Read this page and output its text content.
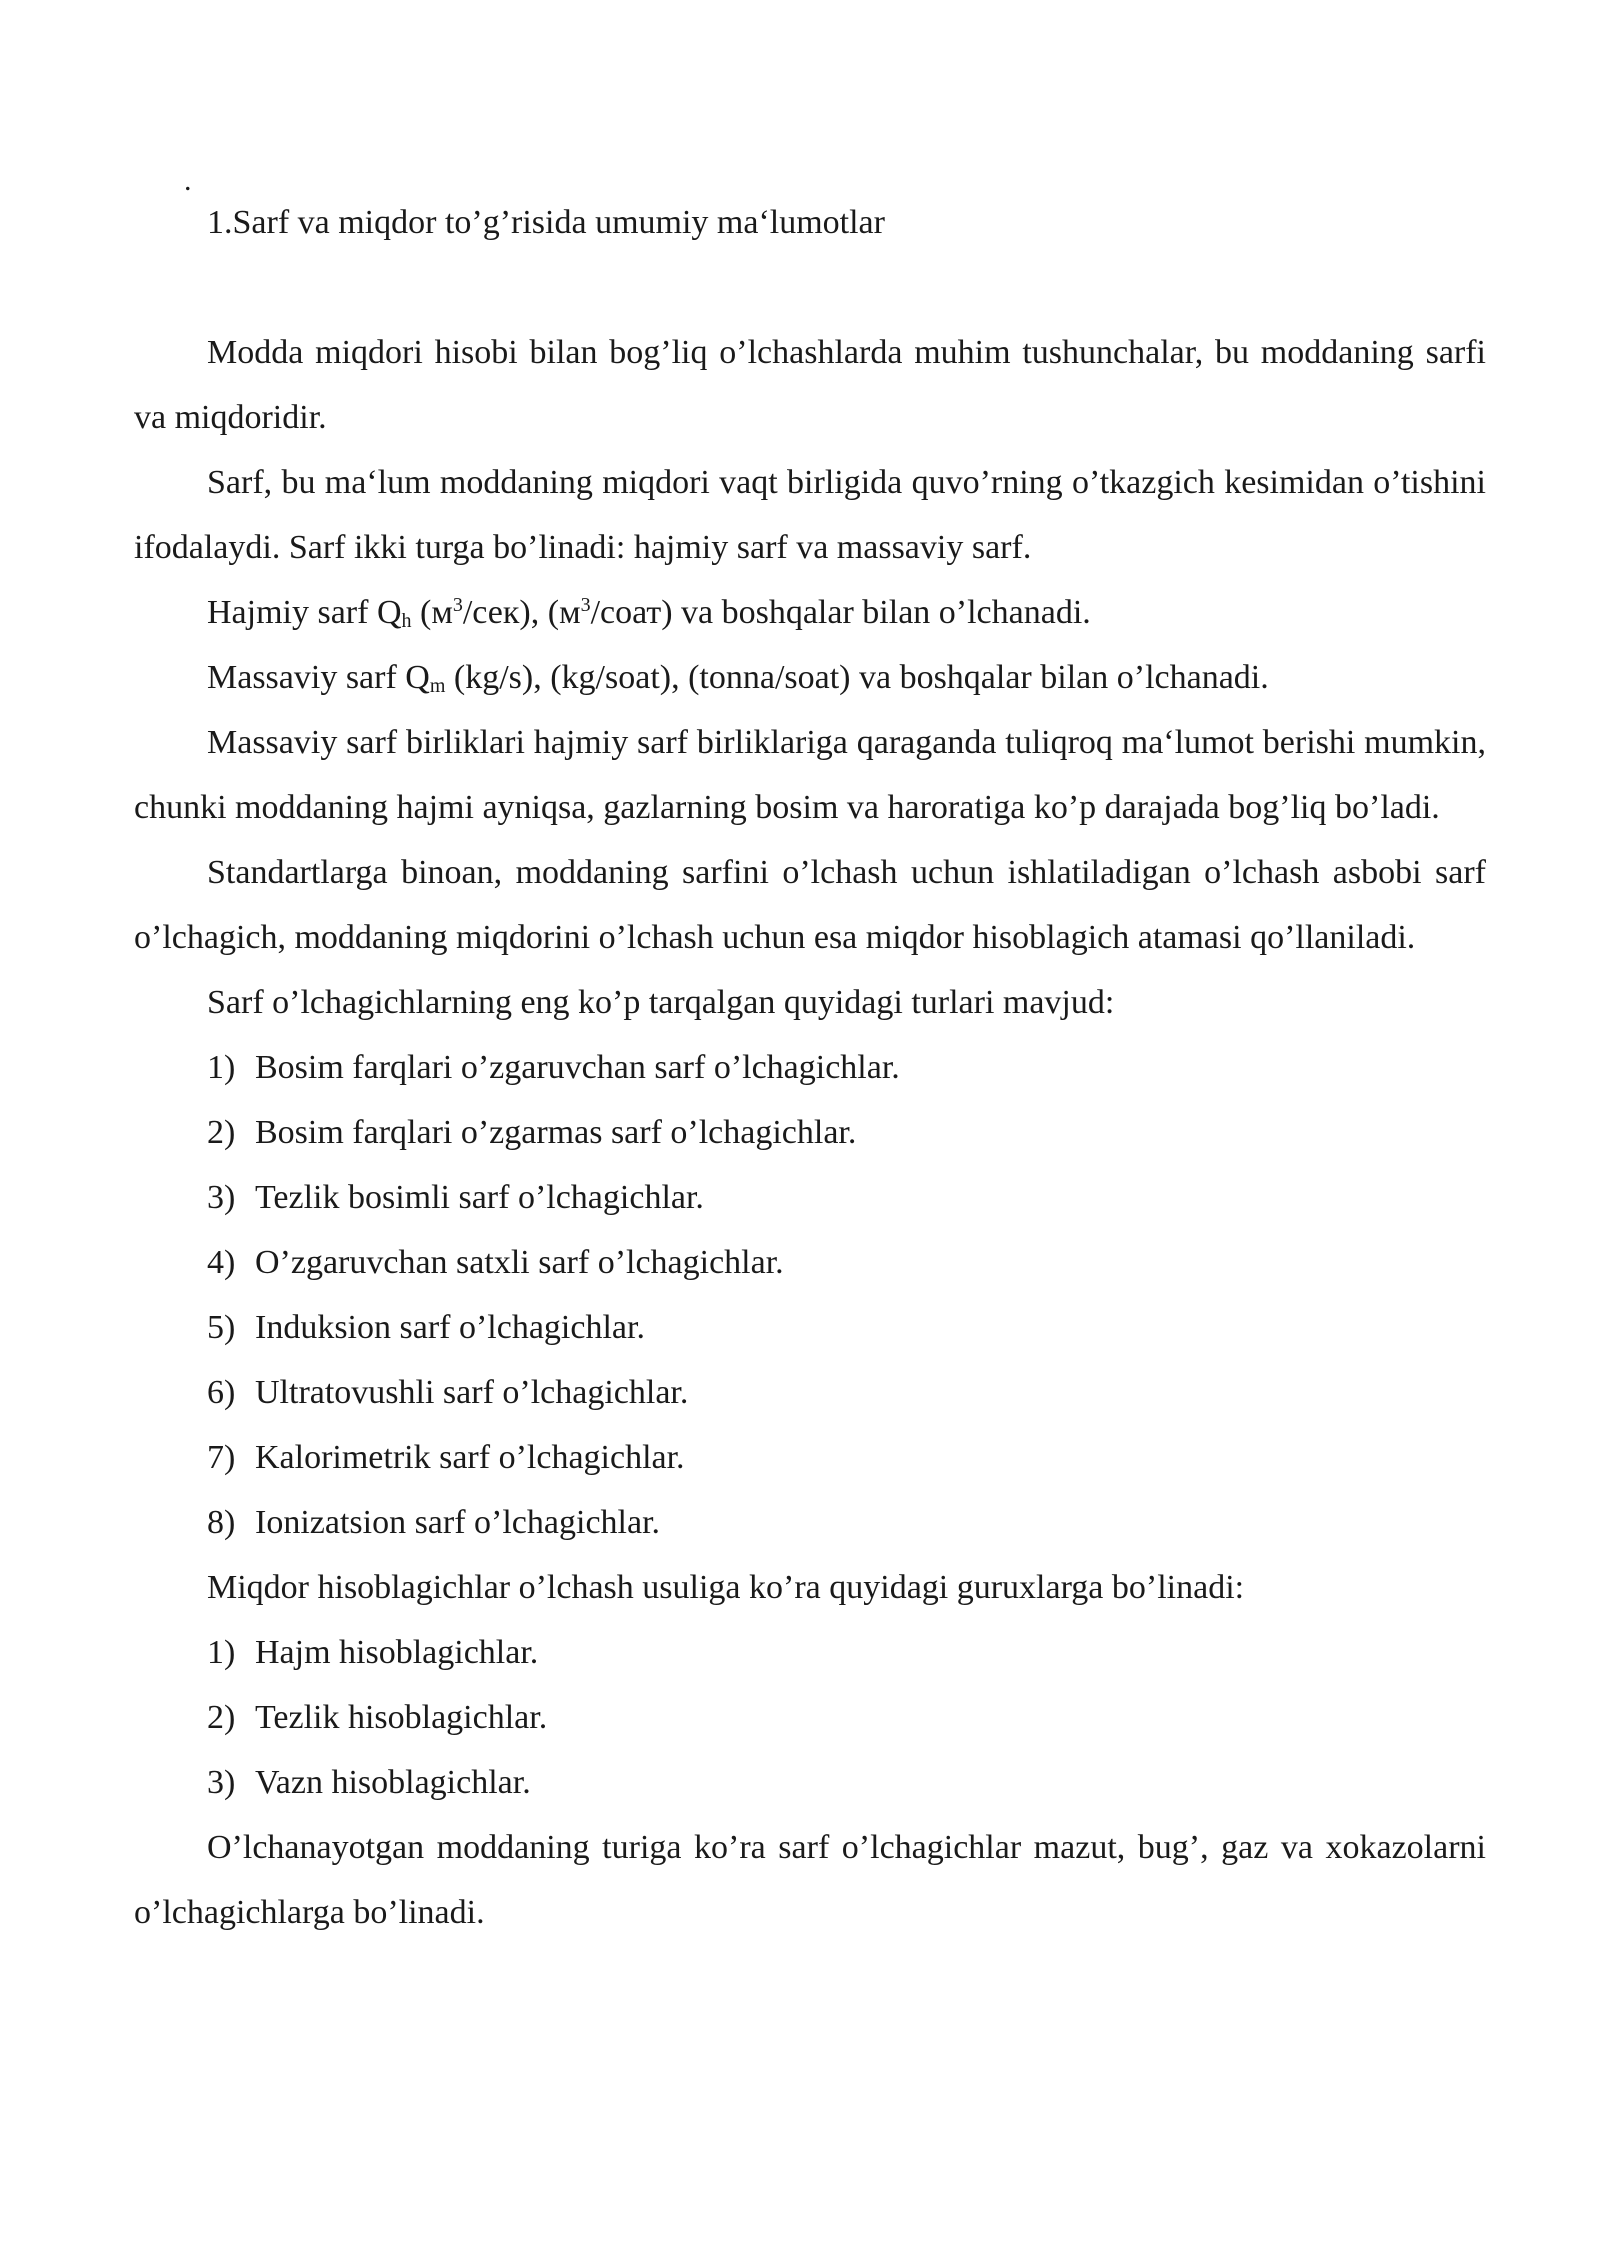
.

1.Sarf va miqdor to’g’risida umumiy ma‘lumotlar

Modda miqdori hisobi bilan bog’liq o’lchashlarda muhim tushunchalar, bu moddaning sarfi va miqdoridir.

Sarf, bu ma‘lum moddaning miqdori vaqt birligida quvo’rning o’tkazgich kesimidan o’tishini ifodalaydi. Sarf ikki turga bo’linadi: hajmiy sarf va massaviy sarf.

Hajmiy sarf $Q_h$ $(м^3/сек)$, $(м^3/соат)$ va boshqalar bilan o’lchanadi.

Massaviy sarf $Q_m$ (kg/s), (kg/soat), (tonna/soat) va boshqalar bilan o’lchanadi.

Massaviy sarf birliklari hajmiy sarf birliklariga qaraganda tuliqroq ma‘lumot berishi mumkin, chunki moddaning hajmi ayniqsa, gazlarning bosim va haroratiga ko’p darajada bog’liq bo’ladi.

Standartlarga binoan, moddaning sarfini o’lchash uchun ishlatiladigan o’lchash asbobi sarf o’lchagich, moddaning miqdorini o’lchash uchun esa miqdor hisoblagich atamasi qo’llaniladi.

Sarf o’lchagichlarning eng ko’p tarqalgan quyidagi turlari mavjud:

1) Bosim farqlari o’zgaruvchan sarf o’lchagichlar.

2) Bosim farqlari o’zgarmas sarf o’lchagichlar.

3) Tezlik bosimli sarf o’lchagichlar.

4) O’zgaruvchan satxli sarf o’lchagichlar.

5) Induksion sarf o’lchagichlar.

6) Ultratovushli sarf o’lchagichlar.

7) Kalorimetrik sarf o’lchagichlar.

8) Ionizatsion sarf o’lchagichlar.

Miqdor hisoblagichlar o’lchash usuliga ko’ra quyidagi guruxlarga bo’linadi:

1) Hajm hisoblagichlar.

2) Tezlik hisoblagichlar.

3) Vazn hisoblagichlar.

O’lchanayotgan moddaning turiga ko’ra sarf o’lchagichlar mazut, bug’, gaz va xokazolarni o’lchagichlarga bo’linadi.
